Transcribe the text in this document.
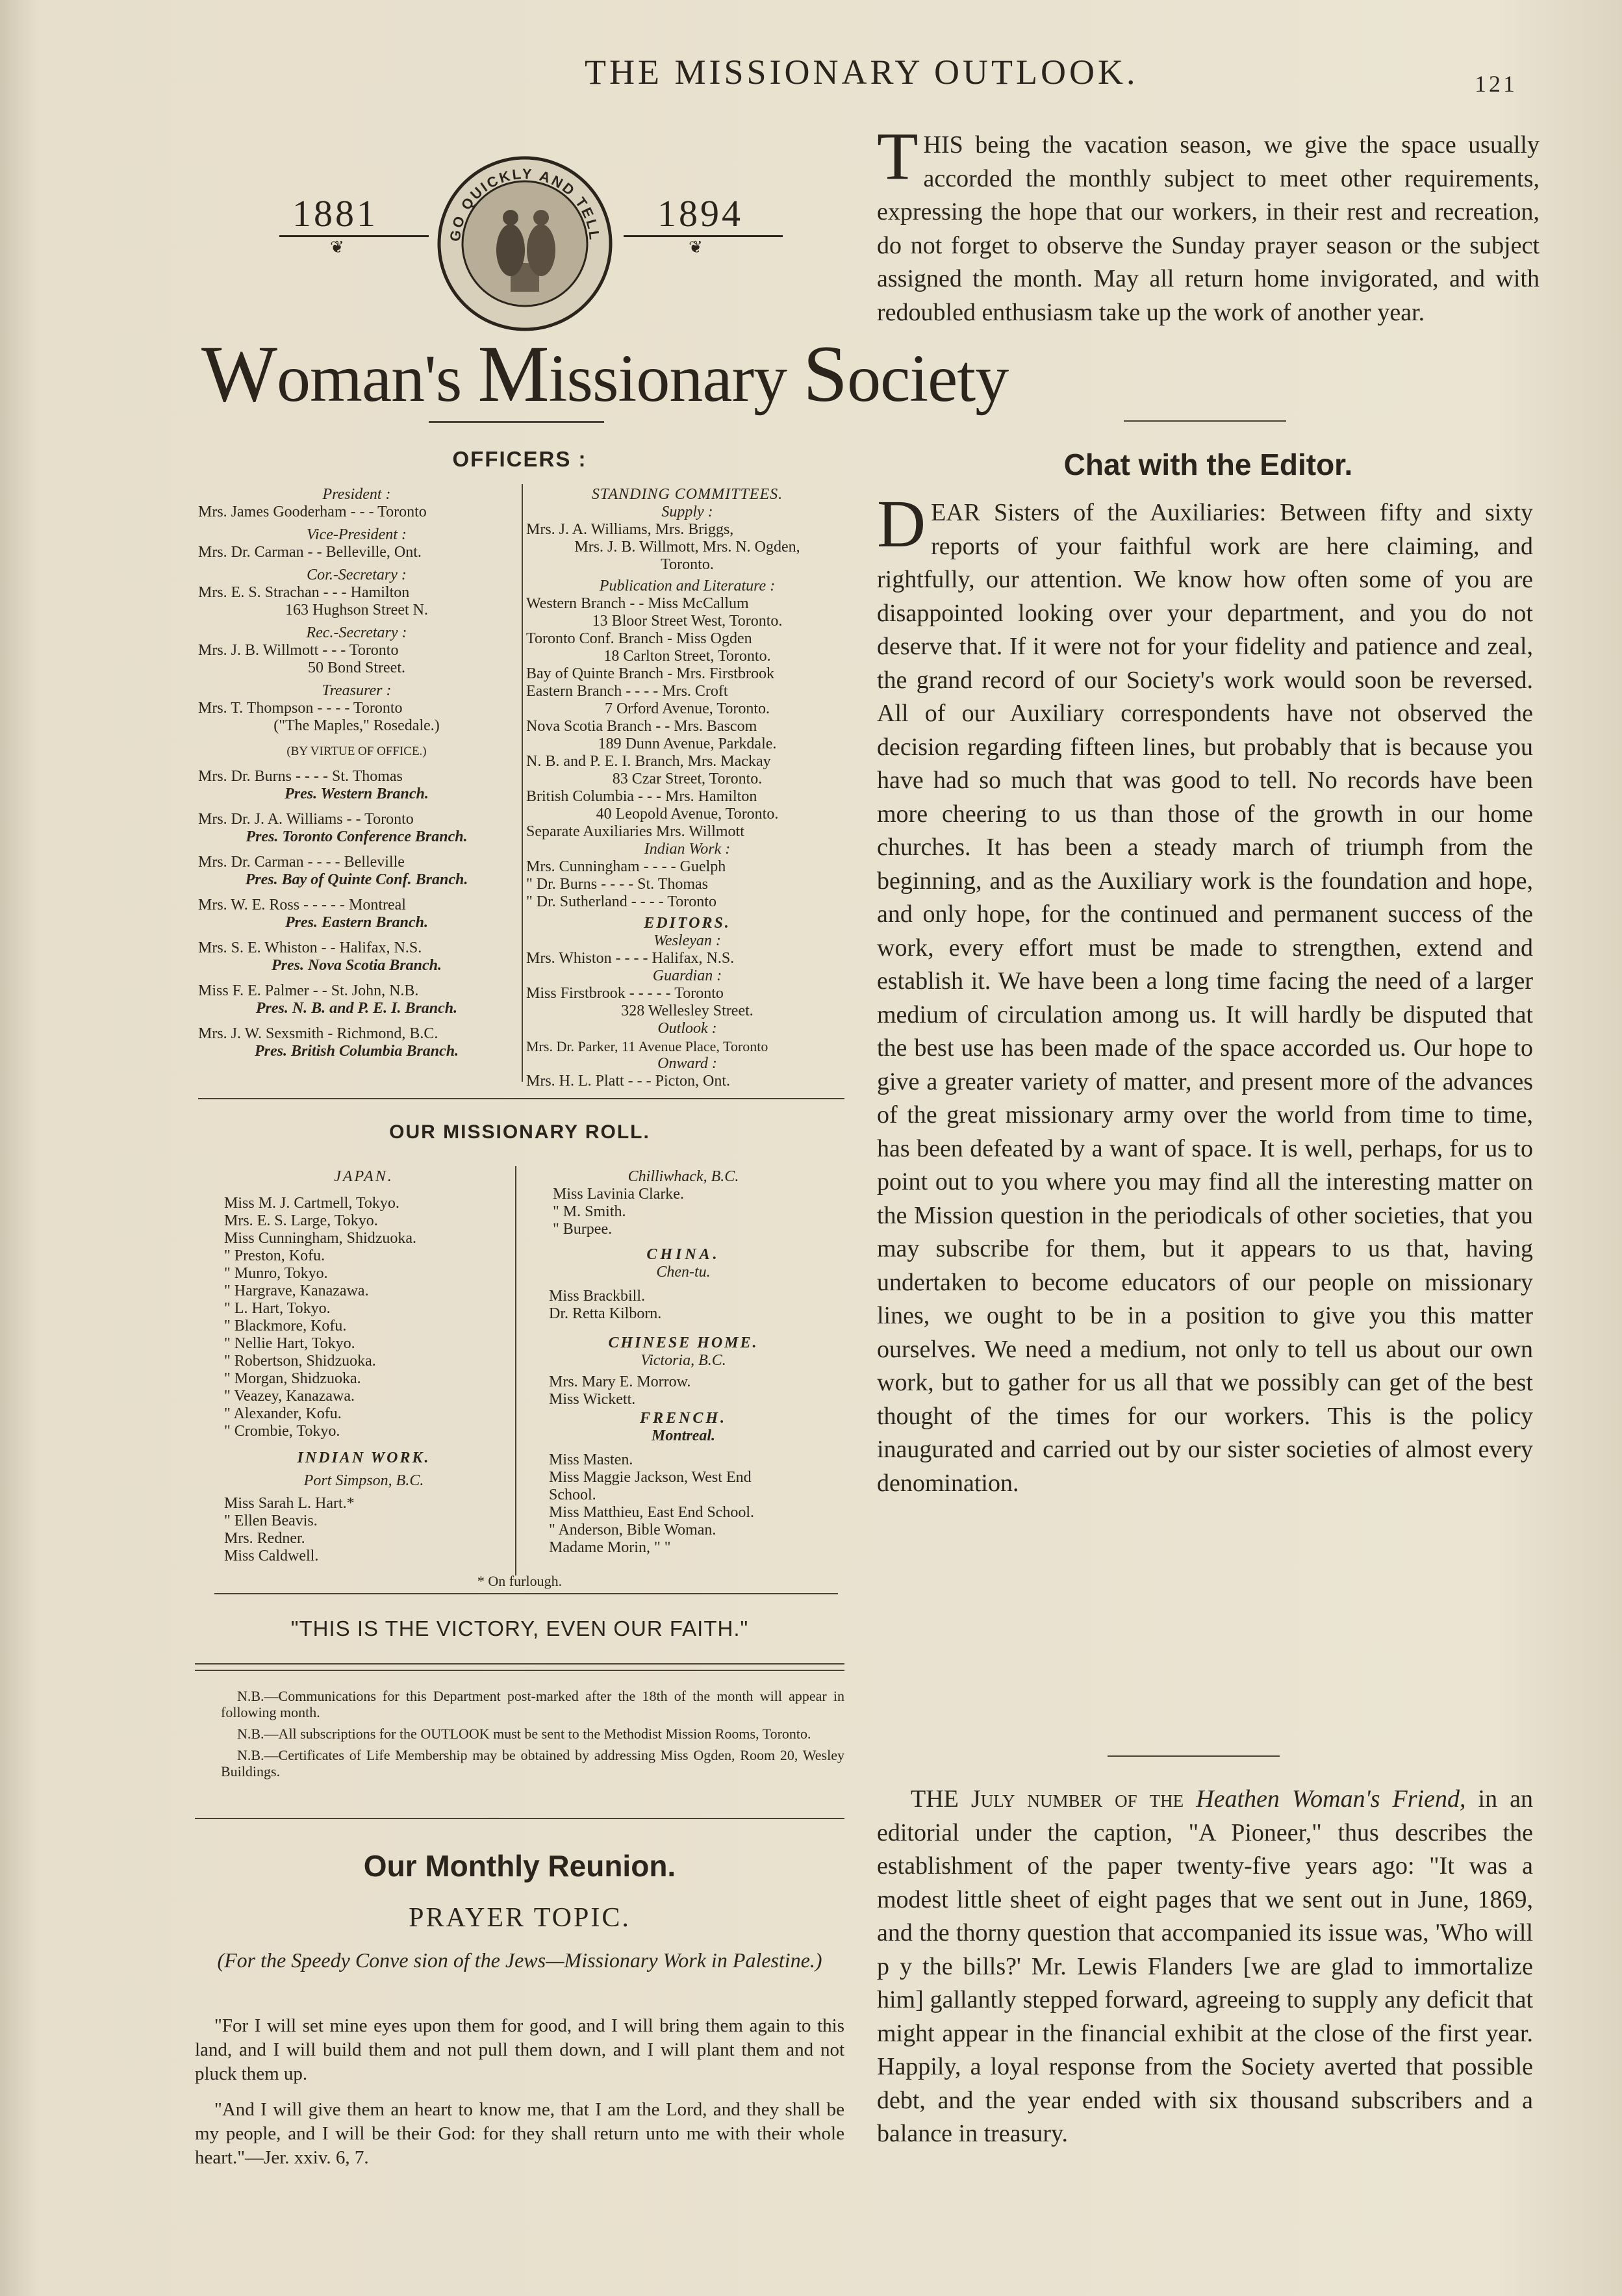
THE MISSIONARY OUTLOOK.	121
1881
❦
1894
❦
GO QUICKLY AND TELL
Woman's Missionary Society
OFFICERS :
President :
Mrs. James Gooderham - - - Toronto
Vice-President :
Mrs. Dr. Carman - - Belleville, Ont.
Cor.-Secretary :
Mrs. E. S. Strachan - - - Hamilton
163 Hughson Street N.
Rec.-Secretary :
Mrs. J. B. Willmott - - - Toronto
50 Bond Street.
Treasurer :
Mrs. T. Thompson - - - - Toronto
("The Maples," Rosedale.)
(BY VIRTUE OF OFFICE.)
Mrs. Dr. Burns - - - - St. Thomas
Pres. Western Branch.
Mrs. Dr. J. A. Williams - - Toronto
Pres. Toronto Conference Branch.
Mrs. Dr. Carman - - - - Belleville
Pres. Bay of Quinte Conf. Branch.
Mrs. W. E. Ross - - - - - Montreal
Pres. Eastern Branch.
Mrs. S. E. Whiston - - Halifax, N.S.
Pres. Nova Scotia Branch.
Miss F. E. Palmer - - St. John, N.B.
Pres. N. B. and P. E. I. Branch.
Mrs. J. W. Sexsmith - Richmond, B.C.
Pres. British Columbia Branch.
STANDING COMMITTEES.
Supply :
Mrs. J. A. Williams, Mrs. Briggs,
Mrs. J. B. Willmott, Mrs. N. Ogden,
Toronto.
Publication and Literature :
Western Branch - - Miss McCallum
13 Bloor Street West, Toronto.
Toronto Conf. Branch - Miss Ogden
18 Carlton Street, Toronto.
Bay of Quinte Branch - Mrs. Firstbrook
Eastern Branch - - - - Mrs. Croft
7 Orford Avenue, Toronto.
Nova Scotia Branch - - Mrs. Bascom
189 Dunn Avenue, Parkdale.
N. B. and P. E. I. Branch, Mrs. Mackay
83 Czar Street, Toronto.
British Columbia - - - Mrs. Hamilton
40 Leopold Avenue, Toronto.
Separate Auxiliaries Mrs. Willmott
Indian Work :
Mrs. Cunningham - - - - Guelph
" Dr. Burns - - - - St. Thomas
" Dr. Sutherland - - - - Toronto
EDITORS.
Wesleyan :
Mrs. Whiston - - - - Halifax, N.S.
Guardian :
Miss Firstbrook - - - - - Toronto
328 Wellesley Street.
Outlook :
Mrs. Dr. Parker, 11 Avenue Place, Toronto
Onward :
Mrs. H. L. Platt - - - Picton, Ont.
OUR MISSIONARY ROLL.
JAPAN.
Miss M. J. Cartmell, Tokyo.
Mrs. E. S. Large, Tokyo.
Miss Cunningham, Shidzuoka.
" Preston, Kofu.
" Munro, Tokyo.
" Hargrave, Kanazawa.
" L. Hart, Tokyo.
" Blackmore, Kofu.
" Nellie Hart, Tokyo.
" Robertson, Shidzuoka.
" Morgan, Shidzuoka.
" Veazey, Kanazawa.
" Alexander, Kofu.
" Crombie, Tokyo.
INDIAN WORK.
Port Simpson, B.C.
Miss Sarah L. Hart.*
" Ellen Beavis.
Mrs. Redner.
Miss Caldwell.
Chilliwhack, B.C.
Miss Lavinia Clarke.
" M. Smith.
" Burpee.
CHINA.
Chen-tu.
Miss Brackbill.
Dr. Retta Kilborn.
CHINESE HOME.
Victoria, B.C.
Mrs. Mary E. Morrow.
Miss Wickett.
FRENCH.
Montreal.
Miss Masten.
Miss Maggie Jackson, West End
School.
Miss Matthieu, East End School.
" Anderson, Bible Woman.
Madame Morin, " "
* On furlough.
"THIS IS THE VICTORY, EVEN OUR FAITH."

N.B.—Communications for this Department post-marked after the 18th of the month will appear in following month.

N.B.—All subscriptions for the OUTLOOK must be sent to the Methodist Mission Rooms, Toronto.

N.B.—Certificates of Life Membership may be obtained by addressing Miss Ogden, Room 20, Wesley Buildings.

Our Monthly Reunion.
PRAYER TOPIC.
(For the Speedy Conve sion of the Jews—Missionary Work in Palestine.)

"For I will set mine eyes upon them for good, and I will bring them again to this land, and I will build them and not pull them down, and I will plant them and not pluck them up.

"And I will give them an heart to know me, that I am the Lord, and they shall be my people, and I will be their God: for they shall return unto me with their whole heart."—Jer. xxiv. 6, 7.

THIS being the vacation season, we give the space usually accorded the monthly subject to meet other requirements, expressing the hope that our workers, in their rest and recreation, do not forget to observe the Sunday prayer season or the subject assigned the month. May all return home invigorated, and with redoubled enthusiasm take up the work of another year.
Chat with the Editor.
DEAR Sisters of the Auxiliaries: Between fifty and sixty reports of your faithful work are here claiming, and rightfully, our attention. We know how often some of you are disappointed looking over your department, and you do not deserve that. If it were not for your fidelity and patience and zeal, the grand record of our Society's work would soon be reversed. All of our Auxiliary correspondents have not observed the decision regarding fifteen lines, but probably that is because you have had so much that was good to tell. No records have been more cheering to us than those of the growth in our home churches. It has been a steady march of triumph from the beginning, and as the Auxiliary work is the foundation and hope, and only hope, for the continued and permanent success of the work, every effort must be made to strengthen, extend and establish it. We have been a long time facing the need of a larger medium of circulation among us. It will hardly be disputed that the best use has been made of the space accorded us. Our hope to give a greater variety of matter, and present more of the advances of the great missionary army over the world from time to time, has been defeated by a want of space. It is well, perhaps, for us to point out to you where you may find all the interesting matter on the Mission question in the periodicals of other societies, that you may subscribe for them, but it appears to us that, having undertaken to become educators of our people on missionary lines, we ought to be in a position to give you this matter ourselves. We need a medium, not only to tell us about our own work, but to gather for us all that we possibly can get of the best thought of the times for our workers. This is the policy inaugurated and carried out by our sister societies of almost every denomination.
THE July number of the Heathen Woman's Friend, in an editorial under the caption, "A Pioneer," thus describes the establishment of the paper twenty-five years ago: "It was a modest little sheet of eight pages that we sent out in June, 1869, and the thorny question that accompanied its issue was, 'Who will p y the bills?' Mr. Lewis Flanders [we are glad to immortalize him] gallantly stepped forward, agreeing to supply any deficit that might appear in the financial exhibit at the close of the first year. Happily, a loyal response from the Society averted that possible debt, and the year ended with six thousand subscribers and a balance in treasury.
